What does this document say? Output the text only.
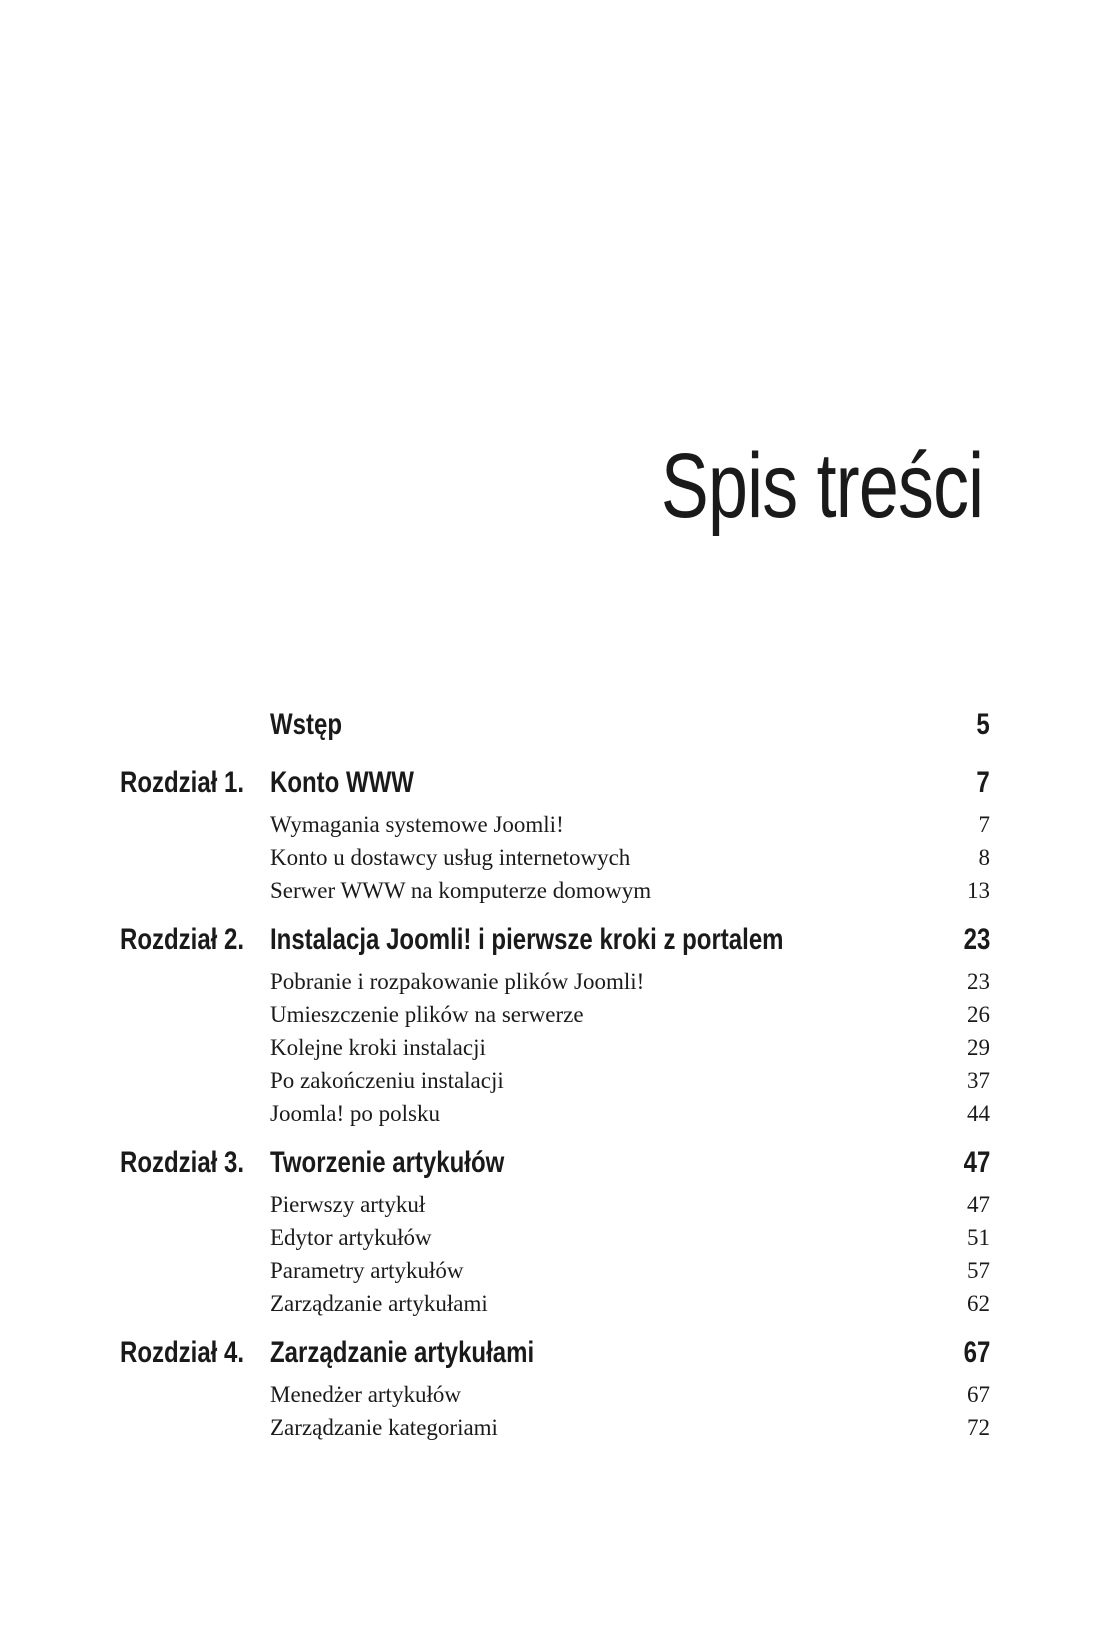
Spis treści
Wstęp	5
Rozdział 1. Konto WWW	7
Wymagania systemowe Joomli!	7
Konto u dostawcy usług internetowych	8
Serwer WWW na komputerze domowym	13
Rozdział 2. Instalacja Joomli! i pierwsze kroki z portalem	23
Pobranie i rozpakowanie plików Joomli!	23
Umieszczenie plików na serwerze	26
Kolejne kroki instalacji	29
Po zakończeniu instalacji	37
Joomla! po polsku	44
Rozdział 3. Tworzenie artykułów	47
Pierwszy artykuł	47
Edytor artykułów	51
Parametry artykułów	57
Zarządzanie artykułami	62
Rozdział 4. Zarządzanie artykułami	67
Menedżer artykułów	67
Zarządzanie kategoriami	72
